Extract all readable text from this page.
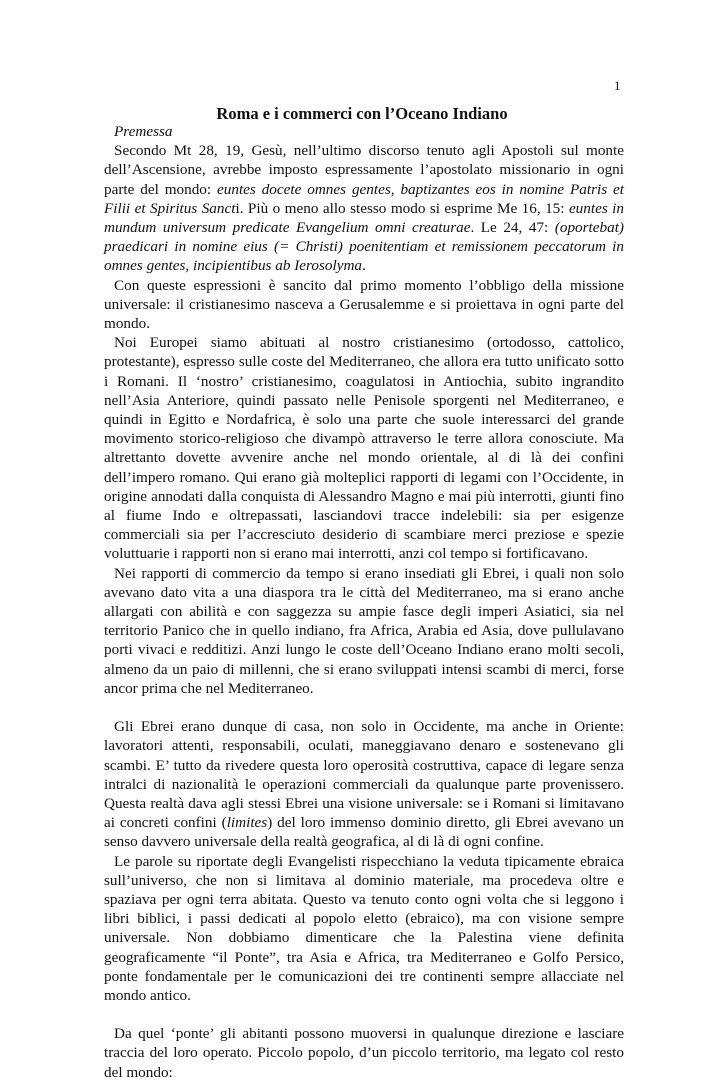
1
Roma e i commerci con l’Oceano Indiano
Premessa

Secondo Mt 28, 19, Gesù, nell’ultimo discorso tenuto agli Apostoli sul monte dell’Ascensione, avrebbe imposto espressamente l’apostolato missionario in ogni parte del mondo: euntes docete omnes gentes, baptizantes eos in nomine Patris et Filii et Spiritus Sancti. Più o meno allo stesso modo si esprime Me 16, 15: euntes in mundum universum predicate Evangelium omni creaturae. Le 24, 47: (oportebat) praedicari in nomine eius (= Christi) poenitentiam et remissionem peccatorum in omnes gentes, incipientibus ab Ierosolyma.

Con queste espressioni è sancito dal primo momento l’obbligo della missione universale: il cristianesimo nasceva a Gerusalemme e si proiettava in ogni parte del mondo.

Noi Europei siamo abituati al nostro cristianesimo (ortodosso, cattolico, protestante), espresso sulle coste del Mediterraneo, che allora era tutto unificato sotto i Romani. Il ‘nostro’ cristianesimo, coagulatosi in Antiochia, subito ingrandito nell’Asia Anteriore, quindi passato nelle Penisole sporgenti nel Mediterraneo, e quindi in Egitto e Nordafrica, è solo una parte che suole interessarci del grande movimento storico-religioso che divampò attraverso le terre allora conosciute. Ma altrettanto dovette avvenire anche nel mondo orientale, al di là dei confini dell’impero romano. Qui erano già molteplici rapporti di legami con l’Occidente, in origine annodati dalla conquista di Alessandro Magno e mai più interrotti, giunti fino al fiume Indo e oltrepassati, lasciandovi tracce indelebili: sia per esigenze commerciali sia per l’accresciuto desiderio di scambiare merci preziose e spezie voluttuarie i rapporti non si erano mai interrotti, anzi col tempo si fortificavano.

Nei rapporti di commercio da tempo si erano insediati gli Ebrei, i quali non solo avevano dato vita a una diaspora tra le città del Mediterraneo, ma si erano anche allargati con abilità e con saggezza su ampie fasce degli imperi Asiatici, sia nel territorio Panico che in quello indiano, fra Africa, Arabia ed Asia, dove pullulavano porti vivaci e redditizi. Anzi lungo le coste dell’Oceano Indiano erano molti secoli, almeno da un paio di millenni, che si erano sviluppati intensi scambi di merci, forse ancor prima che nel Mediterraneo.

Gli Ebrei erano dunque di casa, non solo in Occidente, ma anche in Oriente: lavoratori attenti, responsabili, oculati, maneggiavano denaro e sostenevano gli scambi. E’ tutto da rivedere questa loro operosità costruttiva, capace di legare senza intralci di nazionalità le operazioni commerciali da qualunque parte provenissero. Questa realtà dava agli stessi Ebrei una visione universale: se i Romani si limitavano ai concreti confini (limites) del loro immenso dominio diretto, gli Ebrei avevano un senso davvero universale della realtà geografica, al di là di ogni confine.

Le parole su riportate degli Evangelisti rispecchiano la veduta tipicamente ebraica sull’universo, che non si limitava al dominio materiale, ma procedeva oltre e spaziava per ogni terra abitata. Questo va tenuto conto ogni volta che si leggono i libri biblici, i passi dedicati al popolo eletto (ebraico), ma con visione sempre universale. Non dobbiamo dimenticare che la Palestina viene definita geograficamente “il Ponte”, tra Asia e Africa, tra Mediterraneo e Golfo Persico, ponte fondamentale per le comunicazioni dei tre continenti sempre allacciate nel mondo antico.

Da quel ‘ponte’ gli abitanti possono muoversi in qualunque direzione e lasciare traccia del loro operato. Piccolo popolo, d’un piccolo territorio, ma legato col resto del mondo:
